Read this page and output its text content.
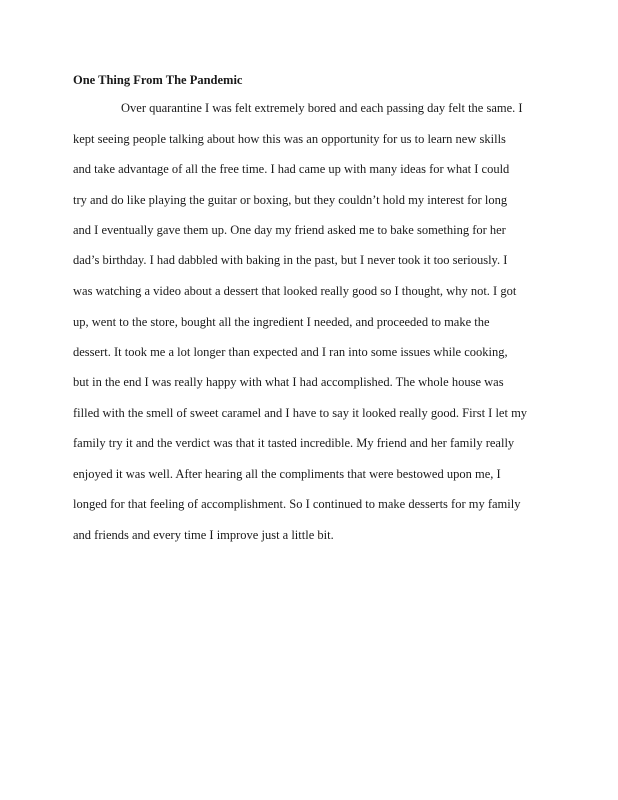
One Thing From The Pandemic
Over quarantine I was felt extremely bored and each passing day felt the same. I
kept seeing people talking about how this was an opportunity for us to learn new skills
and take advantage of all the free time. I had came up with many ideas for what I could
try and do like playing the guitar or boxing, but they couldn’t hold my interest for long
and I eventually gave them up. One day my friend asked me to bake something for her
dad’s birthday. I had dabbled with baking in the past, but I never took it too seriously. I
was watching a video about a dessert that looked really good so I thought, why not. I got
up, went to the store, bought all the ingredient I needed, and proceeded to make the
dessert. It took me a lot longer than expected and I ran into some issues while cooking,
but in the end I was really happy with what I had accomplished. The whole house was
filled with the smell of sweet caramel and I have to say it looked really good. First I let my
family try it and the verdict was that it tasted incredible. My friend and her family really
enjoyed it was well. After hearing all the compliments that were bestowed upon me, I
longed for that feeling of accomplishment. So I continued to make desserts for my family
and friends and every time I improve just a little bit.
